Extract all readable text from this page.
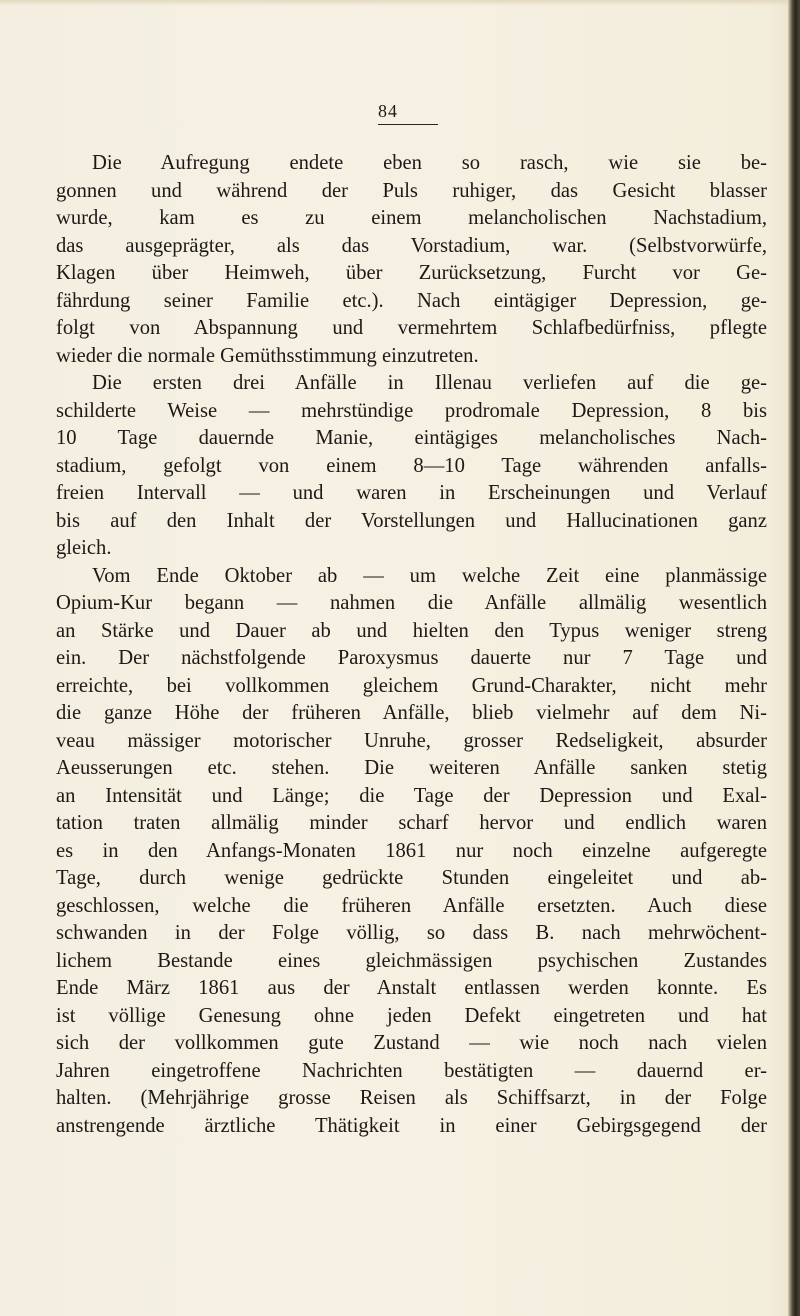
84
Die Aufregung endete eben so rasch, wie sie be-
gonnen und während der Puls ruhiger, das Gesicht blasser
wurde, kam es zu einem melancholischen Nachstadium,
das ausgeprägter, als das Vorstadium, war. (Selbstvorwürfe,
Klagen über Heimweh, über Zurücksetzung, Furcht vor Ge-
fährdung seiner Familie etc.). Nach eintägiger Depression, ge-
folgt von Abspannung und vermehrtem Schlafbedürfniss, pflegte
wieder die normale Gemüthsstimmung einzutreten.
Die ersten drei Anfälle in Illenau verliefen auf die ge-
schilderte Weise — mehrstündige prodromale Depression, 8 bis
10 Tage dauernde Manie, eintägiges melancholisches Nach-
stadium, gefolgt von einem 8—10 Tage währenden anfalls-
freien Intervall — und waren in Erscheinungen und Verlauf
bis auf den Inhalt der Vorstellungen und Hallucinationen ganz
gleich.
Vom Ende Oktober ab — um welche Zeit eine planmässige
Opium-Kur begann — nahmen die Anfälle allmälig wesentlich
an Stärke und Dauer ab und hielten den Typus weniger streng
ein. Der nächstfolgende Paroxysmus dauerte nur 7 Tage und
erreichte, bei vollkommen gleichem Grund-Charakter, nicht mehr
die ganze Höhe der früheren Anfälle, blieb vielmehr auf dem Ni-
veau mässiger motorischer Unruhe, grosser Redseligkeit, absurder
Aeusserungen etc. stehen. Die weiteren Anfälle sanken stetig
an Intensität und Länge; die Tage der Depression und Exal-
tation traten allmälig minder scharf hervor und endlich waren
es in den Anfangs-Monaten 1861 nur noch einzelne aufgeregte
Tage, durch wenige gedrückte Stunden eingeleitet und ab-
geschlossen, welche die früheren Anfälle ersetzten. Auch diese
schwanden in der Folge völlig, so dass B. nach mehrwöchent-
lichem Bestande eines gleichmässigen psychischen Zustandes
Ende März 1861 aus der Anstalt entlassen werden konnte. Es
ist völlige Genesung ohne jeden Defekt eingetreten und hat
sich der vollkommen gute Zustand — wie noch nach vielen
Jahren eingetroffene Nachrichten bestätigten — dauernd er-
halten. (Mehrjährige grosse Reisen als Schiffsarzt, in der Folge
anstrengende ärztliche Thätigkeit in einer Gebirgsgegend der
